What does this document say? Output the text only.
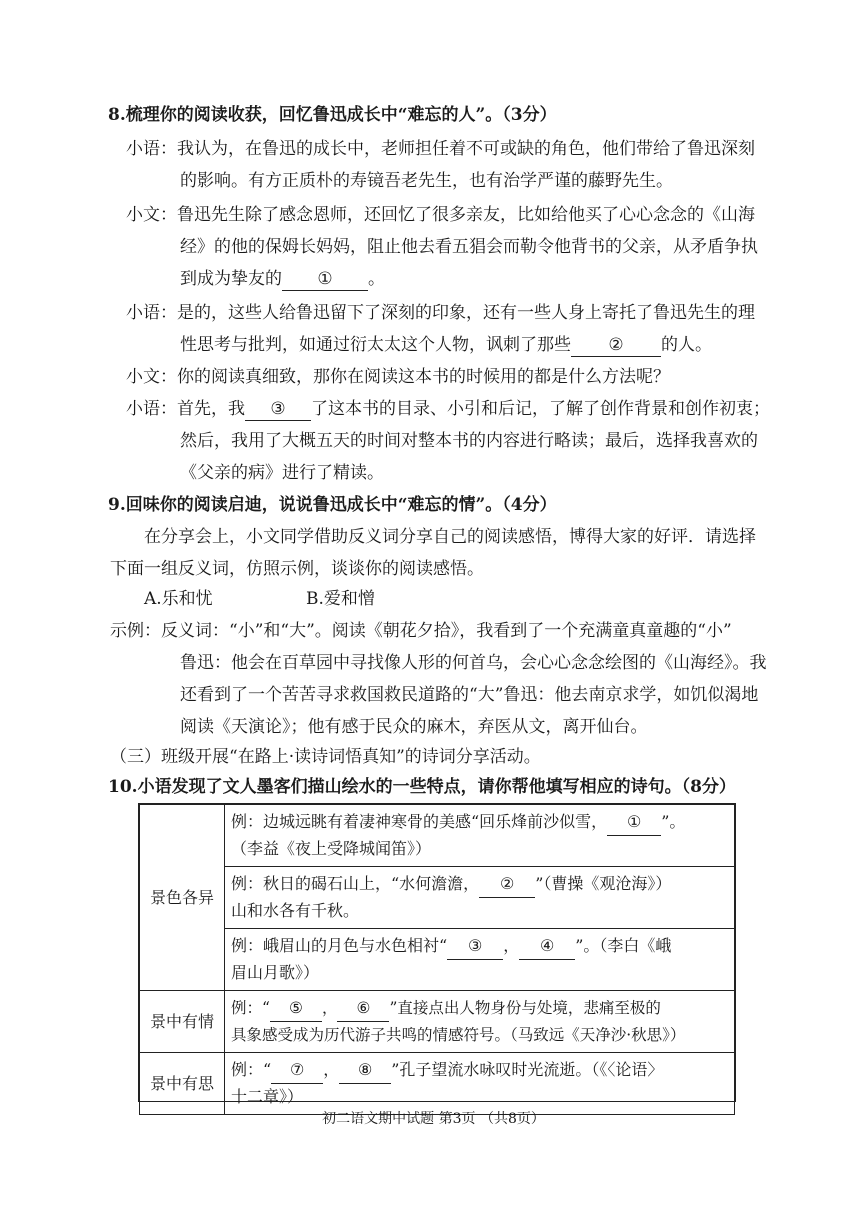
8.梳理你的阅读收获，回忆鲁迅成长中“难忘的人”。（3分）
小语：我认为，在鲁迅的成长中，老师担任着不可或缺的角色，他们带给了鲁迅深刻
的影响。有方正质朴的寿镜吾老先生，也有治学严谨的藤野先生。
小文：鲁迅先生除了感念恩师，还回忆了很多亲友，比如给他买了心心念念的《山海
经》的他的保姆长妈妈，阻止他去看五猖会而勒令他背书的父亲，从矛盾争执
到成为挚友的 ① 。
小语：是的，这些人给鲁迅留下了深刻的印象，还有一些人身上寄托了鲁迅先生的理
性思考与批判，如通过衍太太这个人物，讽刺了那些 ② 的人。
小文：你的阅读真细致，那你在阅读这本书的时候用的都是什么方法呢？
小语：首先，我 ③ 了这本书的目录、小引和后记，了解了创作背景和创作初衷；
然后，我用了大概五天的时间对整本书的内容进行略读；最后，选择我喜欢的
《父亲的病》进行了精读。
9.回味你的阅读启迪，说说鲁迅成长中“难忘的情”。（4分）
在分享会上，小文同学借助反义词分享自己的阅读感悟，博得大家的好评．请选择
下面一组反义词，仿照示例，谈谈你的阅读感悟。
A.乐和忧	B.爱和憎
示例：反义词：“小”和“大”。阅读《朝花夕拾》，我看到了一个充满童真童趣的“小”
鲁迅：他会在百草园中寻找像人形的何首乌，会心心念念绘图的《山海经》。我
还看到了一个苦苦寻求救国救民道路的“大”鲁迅：他去南京求学，如饥似渴地
阅读《天演论》；他有感于民众的麻木，弃医从文，离开仙台。
（三）班级开展“在路上·读诗词悟真知”的诗词分享活动。
10.小语发现了文人墨客们描山绘水的一些特点，请你帮他填写相应的诗句。（8分）
景色各异	例：边城远眺有着凄神寒骨的美感“回乐烽前沙似雪， ① ”。
（李益《夜上受降城闻笛》）
	例：秋日的碣石山上，“水何澹澹， ② ”（曹操《观沧海》）
山和水各有千秋。
	例：峨眉山的月色与水色相衬“ ③ ， ④ ”。（李白《峨
眉山月歌》）
景中有情	例：“ ⑤ ， ⑥ ”直接点出人物身份与处境，悲痛至极的
具象感受成为历代游子共鸣的情感符号。（马致远《天净沙·秋思》）
景中有思	例：“ ⑦ ， ⑧ ”孔子望流水咏叹时光流逝。（《〈论语〉
十二章》）
初二语文期中试题 第3页 （共8页）
